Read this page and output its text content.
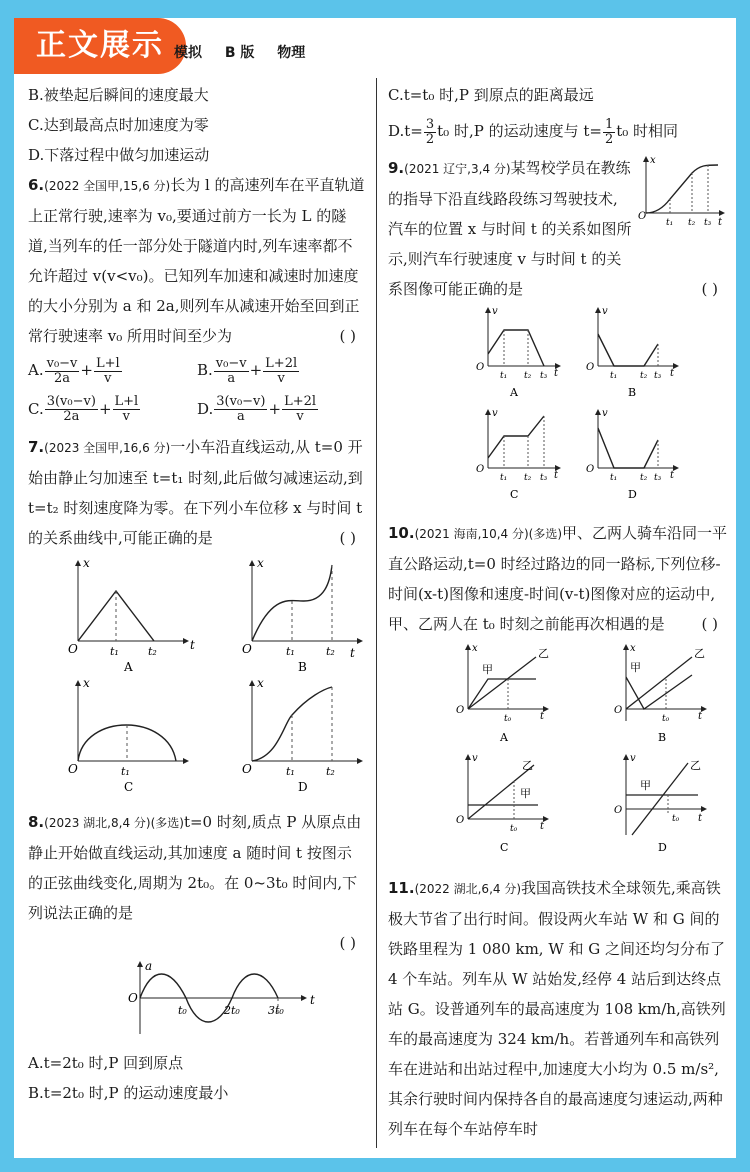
正文展示 模拟 B 版 物理

B.被垫起后瞬间的速度最大

C.达到最高点时加速度为零

D.下落过程中做匀加速运动

6.(2022 全国甲,15,6 分)长为 l 的高速列车在平直轨道上正常行驶,速率为 v₀,要通过前方一长为 L 的隧道,当列车的任一部分处于隧道内时,列车速率都不允许超过 v(v<v₀)。已知列车加速和减速时加速度的大小分别为 a 和 2a,则列车从减速开始至回到正常行驶速率 v₀ 所用时间至少为	( )

A. $\frac{\text{v₀−v}}{2a} + \frac{L+l}{v}$	B. $\frac{\text{v₀−v}}{a} + \frac{L+2l}{v}$
C. $\frac{\text{3(v₀−v)}}{2a} + \frac{L+l}{v}$	D. $\frac{\text{3(v₀−v)}}{a} + \frac{L+2l}{v}$

7.(2023 全国甲,16,6 分)一小车沿直线运动,从 t=0 开始由静止匀加速至 t=t₁ 时刻,此后做匀减速运动,到 t=t₂ 时刻速度降为零。在下列小车位移 x 与时间 t 的关系曲线中,可能正确的是	( )

O
x
t
t₁	t₂
A
O
x
t
t₁	t₂
B
O
x
t₁
C
O
x
t₁	t₂
D

8.(2023 湖北,8,4 分)(多选)t=0 时刻,质点 P 从原点由静止开始做直线运动,其加速度 a 随时间 t 按图示的正弦曲线变化,周期为 2t₀。在 0~3t₀ 时间内,下列说法正确的是

( )

O
a
t
t₀	2t₀	3t₀

A.t=2t₀ 时,P 回到原点

B.t=2t₀ 时,P 的运动速度最小

C.t=t₀ 时,P 到原点的距离最远

$D.t= \frac{3}{2} t_0$ 时,P 的运动速度与 $t= \frac{1}{2} t_0$ 时相同

O
x
t₁ t₂ t₃ t

9.(2021 辽宁,3,4 分)某驾校学员在教练的指导下沿直线路段练习驾驶技术,汽车的位置 x 与时间 t 的关系如图所示,则汽车行驶速度 v 与时间 t 的关系图像可能正确的是	( )

O
v
t₁ t₂ t₃ t
A
O
v
t₁	t₂ t₃ t
B
O
v
t₁ t₂ t₃ t
C
O
v
t₁	t₂ t₃ t
D

10.(2021 海南,10,4 分)(多选)甲、乙两人骑车沿同一平直公路运动,t=0 时经过路边的同一路标,下列位移-时间(x-t)图像和速度-时间(v-t)图像对应的运动中,甲、乙两人在 t₀ 时刻之前能再次相遇的是 ( )

O
x
甲
乙
t₀	t
A
O
x
甲
乙
t₀	t
B
O
v
甲
乙
t₀ t
C
O
v
甲
乙
t₀ t
D

11.(2022 湖北,6,4 分)我国高铁技术全球领先,乘高铁极大节省了出行时间。假设两火车站 W 和 G 间的铁路里程为 1 080 km, W 和 G 之间还均匀分布了 4 个车站。列车从 W 站始发,经停 4 站后到达终点站 G。设普通列车的最高速度为 108 km/h,高铁列车的最高速度为 324 km/h。若普通列车和高铁列车在进站和出站过程中,加速度大小均为 0.5 m/s²,其余行驶时间内保持各自的最高速度匀速运动,两种列车在每个车站停车时
